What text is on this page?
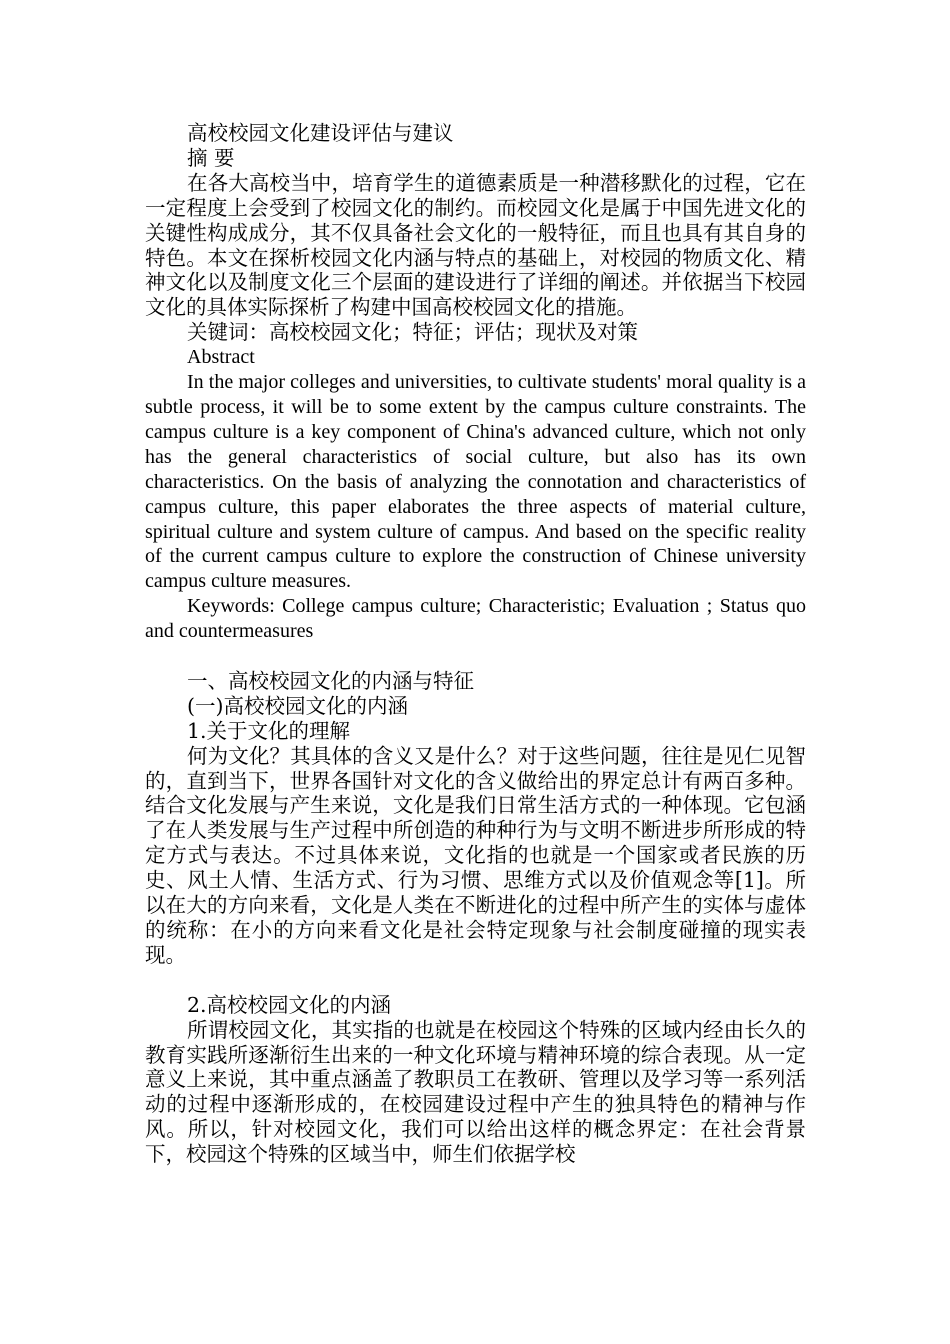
高校校园文化建设评估与建议

摘 要

在各大高校当中，培育学生的道德素质是一种潜移默化的过程，它在一定程度上会受到了校园文化的制约。而校园文化是属于中国先进文化的关键性构成成分，其不仅具备社会文化的一般特征，而且也具有其自身的特色。本文在探析校园文化内涵与特点的基础上，对校园的物质文化、精神文化以及制度文化三个层面的建设进行了详细的阐述。并依据当下校园文化的具体实际探析了构建中国高校校园文化的措施。

关键词：高校校园文化；特征；评估；现状及对策

Abstract

In the major colleges and universities, to cultivate students' moral quality is a subtle process, it will be to some extent by the campus culture constraints. The campus culture is a key component of China's advanced culture, which not only has the general characteristics of social culture, but also has its own characteristics. On the basis of analyzing the connotation and characteristics of campus culture, this paper elaborates the three aspects of material culture, spiritual culture and system culture of campus. And based on the specific reality of the current campus culture to explore the construction of Chinese university campus culture measures.

Keywords: College campus culture; Characteristic; Evaluation ; Status quo and countermeasures

一、高校校园文化的内涵与特征

(一)高校校园文化的内涵

1.关于文化的理解

何为文化？其具体的含义又是什么？对于这些问题，往往是见仁见智的，直到当下，世界各国针对文化的含义做给出的界定总计有两百多种。结合文化发展与产生来说，文化是我们日常生活方式的一种体现。它包涵了在人类发展与生产过程中所创造的种种行为与文明不断进步所形成的特定方式与表达。不过具体来说，文化指的也就是一个国家或者民族的历史、风土人情、生活方式、行为习惯、思维方式以及价值观念等[1]。所以在大的方向来看，文化是人类在不断进化的过程中所产生的实体与虚体的统称：在小的方向来看文化是社会特定现象与社会制度碰撞的现实表现。

2.高校校园文化的内涵

所谓校园文化，其实指的也就是在校园这个特殊的区域内经由长久的教育实践所逐渐衍生出来的一种文化环境与精神环境的综合表现。从一定意义上来说，其中重点涵盖了教职员工在教研、管理以及学习等一系列活动的过程中逐渐形成的，在校园建设过程中产生的独具特色的精神与作风。所以，针对校园文化，我们可以给出这样的概念界定：在社会背景下，校园这个特殊的区域当中，师生们依据学校
